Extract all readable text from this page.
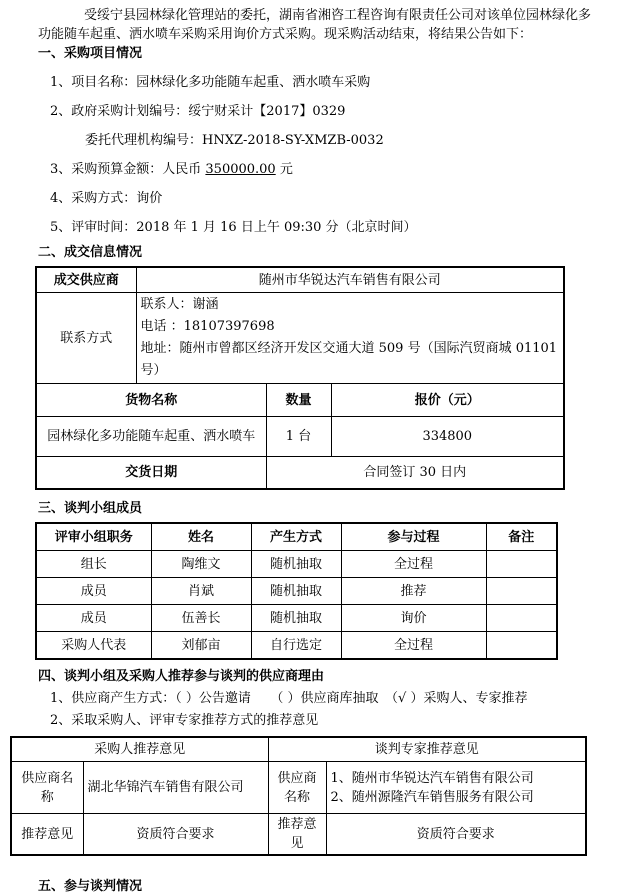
受绥宁县园林绿化管理站的委托，湖南省湘咨工程咨询有限责任公司对该单位园林绿化多功能随车起重、洒水喷车采购采用询价方式采购。现采购活动结束，将结果公告如下：

一、采购项目情况
1、项目名称：园林绿化多功能随车起重、洒水喷车采购
2、政府采购计划编号：绥宁财采计【2017】0329
委托代理机构编号：HNXZ-2018-SY-XMZB-0032
3、采购预算金额：人民币 350000.00 元
4、采购方式：询价
5、评审时间：2018 年 1 月 16 日上午 09:30 分（北京时间）
二、成交信息情况
成交供应商	随州市华锐达汽车销售有限公司		
联系方式	联系人：谢涵
电话 ：18107397698
地址：随州市曾都区经济开发区交通大道 509 号（国际汽贸商城 01101 号）		

货物名称		数量	报价（元）
园林绿化多功能随车起重、洒水喷车		1 台	334800
交货日期		合同签订 30 日内	
三、谈判小组成员
评审小组职务	姓名	产生方式	参与过程	备注
组长	陶维文	随机抽取	全过程	
成员	肖斌	随机抽取	推荐	
成员	伍善长	随机抽取	询价	
采购人代表	刘郁亩	自行选定	全过程	
四、谈判小组及采购人推荐参与谈判的供应商理由
1、供应商产生方式：（ ）公告邀请　　（ ）供应商库抽取　（√ ）采购人、专家推荐
2、采取采购人、评审专家推荐方式的推荐意见
采购人推荐意见		谈判专家推荐意见	
供应商名称	湖北华锦汽车销售有限公司	供应商名称	1、随州市华锐达汽车销售有限公司
2、随州源隆汽车销售服务有限公司

推荐意见	资质符合要求	推荐意见	资质符合要求
五、参与谈判情况
